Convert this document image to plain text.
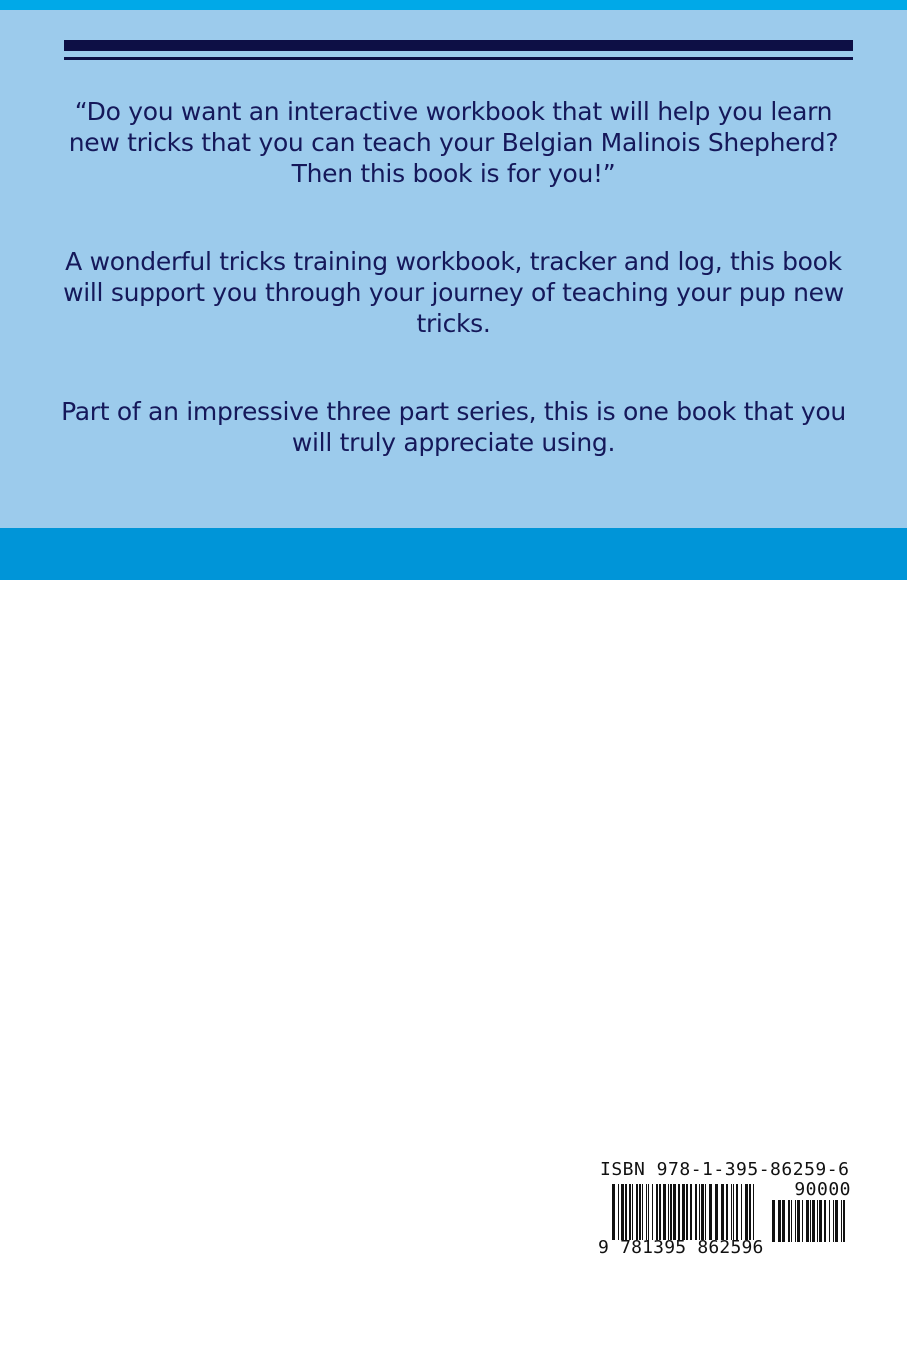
“Do you want an interactive workbook that will help you learn new tricks that you can teach your Belgian Malinois Shepherd? Then this book is for you!”

A wonderful tricks training workbook, tracker and log, this book will support you through your journey of teaching your pup new tricks.

Part of an impressive three part series, this is one book that you will truly appreciate using.

ISBN 978-1-395-86259-6
90000
9 781395 862596
